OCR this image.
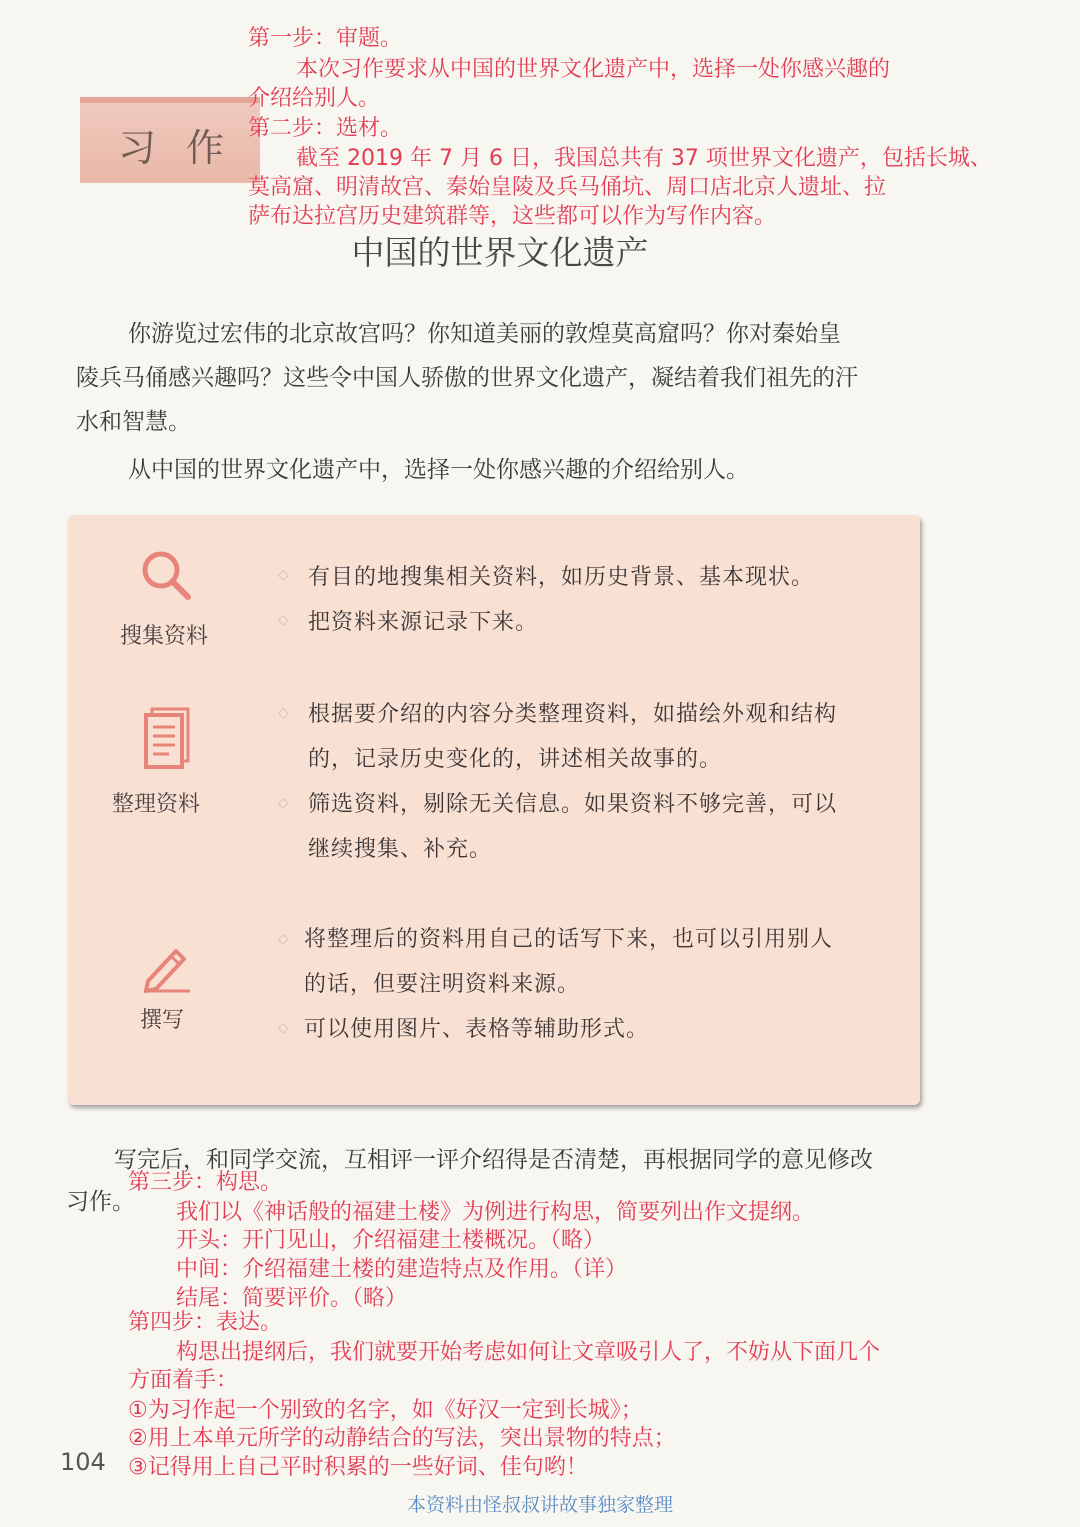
习作
第一步：审题。
本次习作要求从中国的世界文化遗产中，选择一处你感兴趣的
介绍给别人。
第二步：选材。
截至 2019 年 7 月 6 日，我国总共有 37 项世界文化遗产，包括长城、
莫高窟、明清故宫、秦始皇陵及兵马俑坑、周口店北京人遗址、拉
萨布达拉宫历史建筑群等，这些都可以作为写作内容。
中国的世界文化遗产
你游览过宏伟的北京故宫吗？你知道美丽的敦煌莫高窟吗？你对秦始皇
陵兵马俑感兴趣吗？这些令中国人骄傲的世界文化遗产，凝结着我们祖先的汗
水和智慧。
从中国的世界文化遗产中，选择一处你感兴趣的介绍给别人。
搜集资料
◇ 有目的地搜集相关资料，如历史背景、基本现状。
◇ 把资料来源记录下来。
整理资料
◇ 根据要介绍的内容分类整理资料，如描绘外观和结构
的，记录历史变化的，讲述相关故事的。
◇ 筛选资料，剔除无关信息。如果资料不够完善，可以
继续搜集、补充。
撰写
◇ 将整理后的资料用自己的话写下来，也可以引用别人
的话，但要注明资料来源。
◇ 可以使用图片、表格等辅助形式。
写完后，和同学交流，互相评一评介绍得是否清楚，再根据同学的意见修改
习作。
第三步：构思。
我们以《神话般的福建土楼》为例进行构思，简要列出作文提纲。
开头：开门见山，介绍福建土楼概况。（略）
中间：介绍福建土楼的建造特点及作用。（详）
结尾：简要评价。（略）
第四步：表达。
构思出提纲后，我们就要开始考虑如何让文章吸引人了，不妨从下面几个
方面着手：
①为习作起一个别致的名字，如《好汉一定到长城》；
②用上本单元所学的动静结合的写法，突出景物的特点；
③记得用上自己平时积累的一些好词、佳句哟！
104
本资料由怪叔叔讲故事独家整理
